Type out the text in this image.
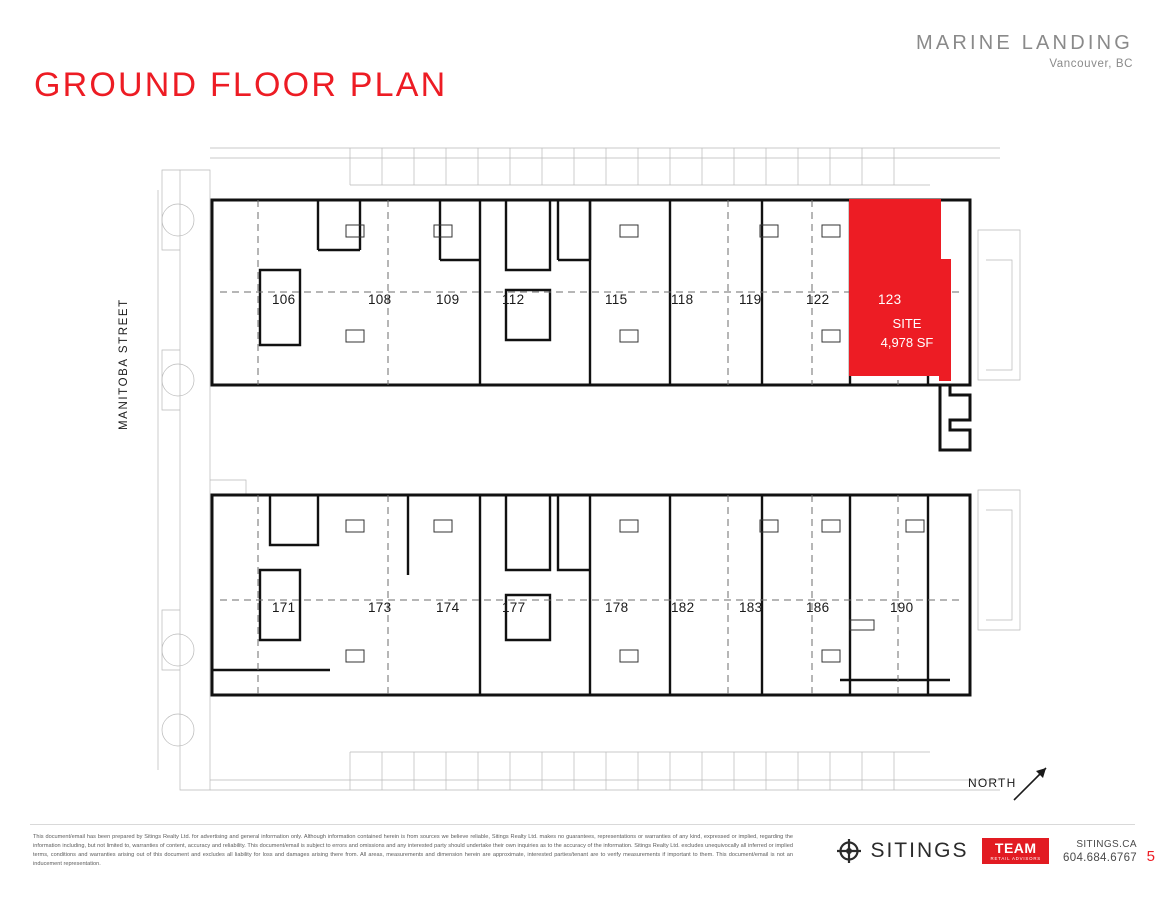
GROUND FLOOR PLAN
MARINE LANDING
Vancouver, BC
MANITOBA STREET	106	108	109	112	115	118	119	122	123
SITE
4,978 SF
171	173	174	177	178	182	183	186	190
NORTH
This document/email has been prepared by Sitings Realty Ltd. for advertising and general information only. Although information contained herein is from sources we believe reliable, Sitings Realty Ltd. makes no guarantees, representations or warranties of any kind, expressed or implied, regarding the information including, but not limited to, warranties of content, accuracy and reliability. This document/email is subject to errors and omissions and any interested party should undertake their own inquiries as to the accuracy of the information. Sitings Realty Ltd. excludes unequivocally all inferred or implied terms, conditions and warranties arising out of this document and excludes all liability for loss and damages arising there from. All areas, measurements and dimension herein are approximate, interested parties/tenant are to verify measurements if important to them. This document/email is not an inducement representation.
SITINGS	TEAM
RETAIL ADVISORS
SITINGS.CA
604.684.6767 5
